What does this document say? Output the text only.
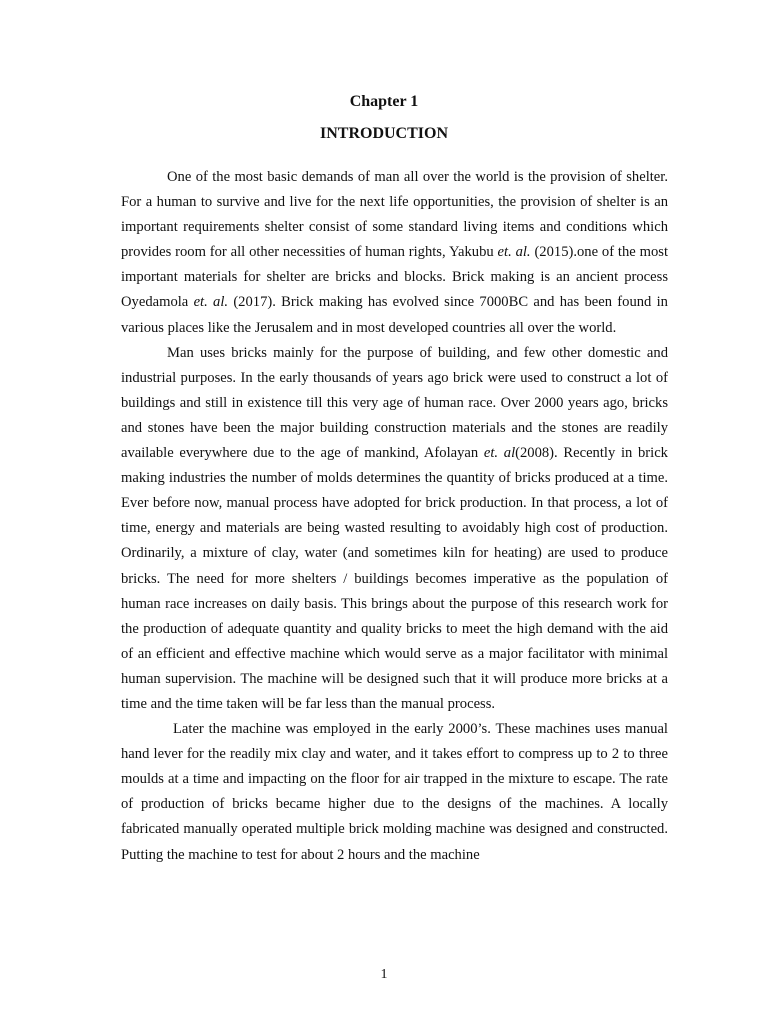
Chapter 1
INTRODUCTION

One of the most basic demands of man all over the world is the provision of shelter. For a human to survive and live for the next life opportunities, the provision of shelter is an important requirements shelter consist of some standard living items and conditions which provides room for all other necessities of human rights, Yakubu et. al. (2015).one of the most important materials for shelter are bricks and blocks. Brick making is an ancient process Oyedamola et. al. (2017). Brick making has evolved since 7000BC and has been found in various places like the Jerusalem and in most developed countries all over the world.

Man uses bricks mainly for the purpose of building, and few other domestic and industrial purposes. In the early thousands of years ago brick were used to construct a lot of buildings and still in existence till this very age of human race. Over 2000 years ago, bricks and stones have been the major building construction materials and the stones are readily available everywhere due to the age of mankind, Afolayan et. al(2008). Recently in brick making industries the number of molds determines the quantity of bricks produced at a time. Ever before now, manual process have adopted for brick production. In that process, a lot of time, energy and materials are being wasted resulting to avoidably high cost of production. Ordinarily, a mixture of clay, water (and sometimes kiln for heating) are used to produce bricks. The need for more shelters / buildings becomes imperative as the population of human race increases on daily basis. This brings about the purpose of this research work for the production of adequate quantity and quality bricks to meet the high demand with the aid of an efficient and effective machine which would serve as a major facilitator with minimal human supervision. The machine will be designed such that it will produce more bricks at a time and the time taken will be far less than the manual process.

Later the machine was employed in the early 2000’s. These machines uses manual hand lever for the readily mix clay and water, and it takes effort to compress up to 2 to three moulds at a time and impacting on the floor for air trapped in the mixture to escape. The rate of production of bricks became higher due to the designs of the machines. A locally fabricated manually operated multiple brick molding machine was designed and constructed. Putting the machine to test for about 2 hours and the machine

1
